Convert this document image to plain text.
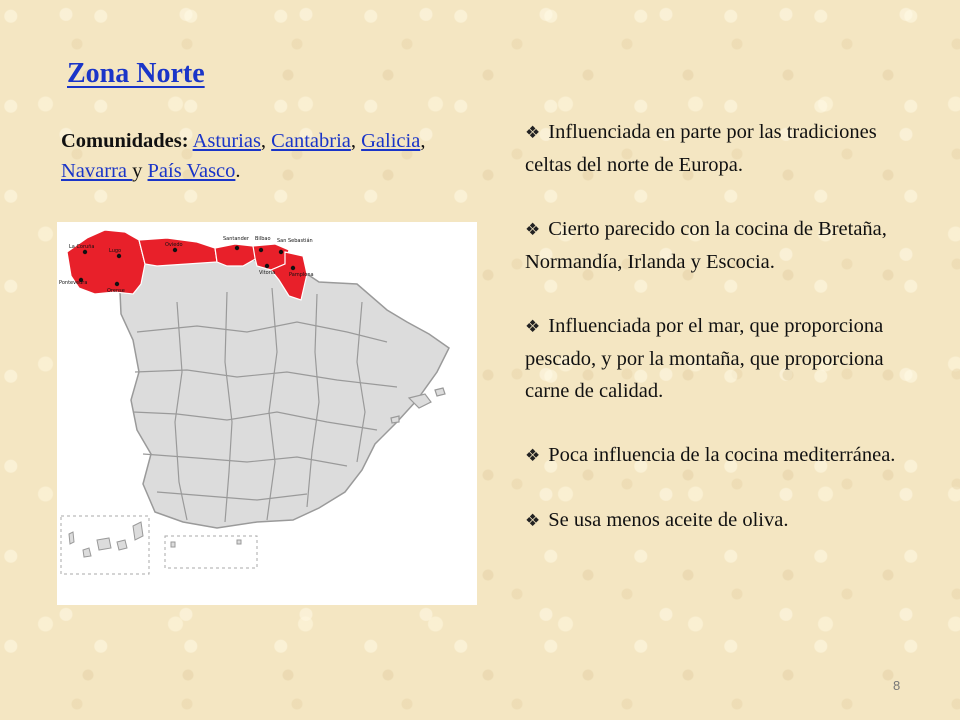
Zona Norte
Comunidades: Asturias, Cantabria, Galicia, Navarra y País Vasco.
La Coruña
Lugo
Oviedo
Pontevedra
Orense
Santander Bilbao San Sebastián
Vitoria	Pamplona
❖ Influenciada en parte por las tradiciones celtas del norte de Europa.
❖ Cierto parecido con la cocina de Bretaña, Normandía, Irlanda y Escocia.
❖ Influenciada por el mar, que proporciona pescado, y por la montaña, que proporciona carne de calidad.
❖ Poca influencia de la cocina mediterránea.
❖ Se usa menos aceite de oliva.
8
